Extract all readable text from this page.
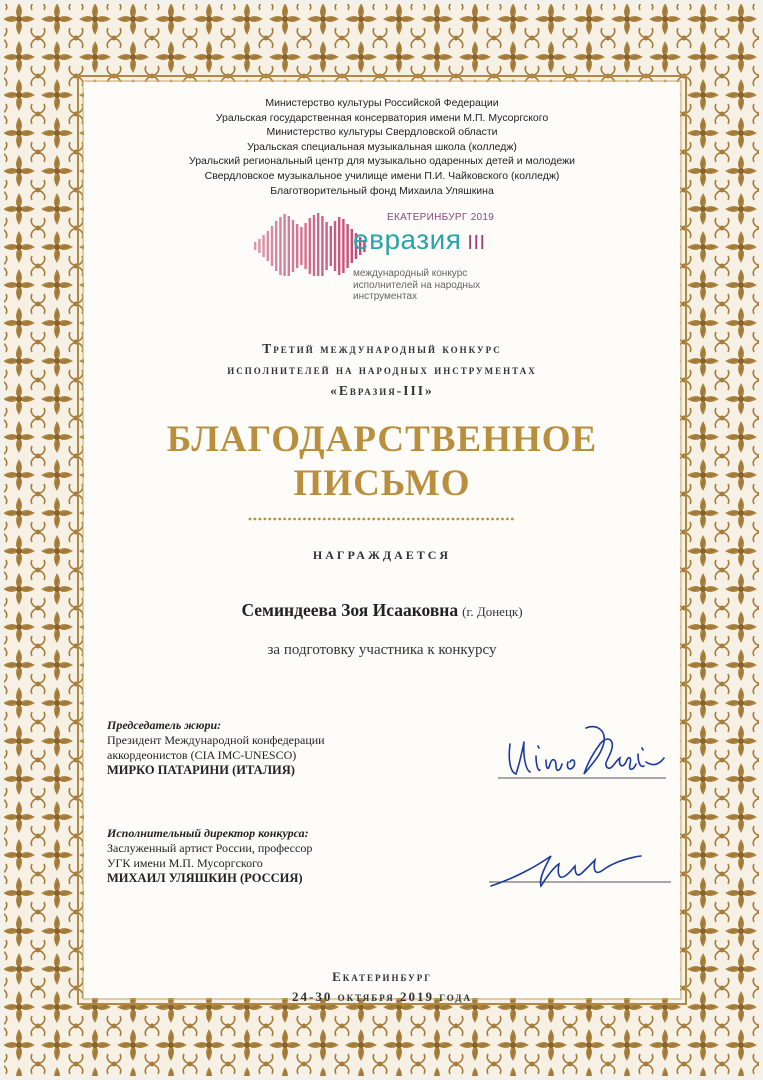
Министерство культуры Российской Федерации
Уральская государственная консерватория имени М.П. Мусоргского
Министерство культуры Свердловской области
Уральская специальная музыкальная школа (колледж)
Уральский региональный центр для музыкально одаренных детей и молодежи
Свердловское музыкальное училище имени П.И. Чайковского (колледж)
Благотворительный фонд Михаила Уляшкина
ЕКАТЕРИНБУРГ 2019
евразия III
международный конкурс
исполнителей на народных
инструментах
Третий международный конкурс
исполнителей на народных инструментах
«Евразия-III»
БЛАГОДАРСТВЕННОЕ
ПИСЬМО
НАГРАЖДАЕТСЯ
Семиндеева Зоя Исааковна (г. Донецк)
за подготовку участника к конкурсу
Председатель жюри:
Президент Международной конфедерации
аккордеонистов (CIA IMC-UNESCO)
МИРКО ПАТАРИНИ (ИТАЛИЯ)
Исполнительный директор конкурса:
Заслуженный артист России, профессор
УГК имени М.П. Мусоргского
МИХАИЛ УЛЯШКИН (РОССИЯ)
Екатеринбург
24-30 октября 2019 года
